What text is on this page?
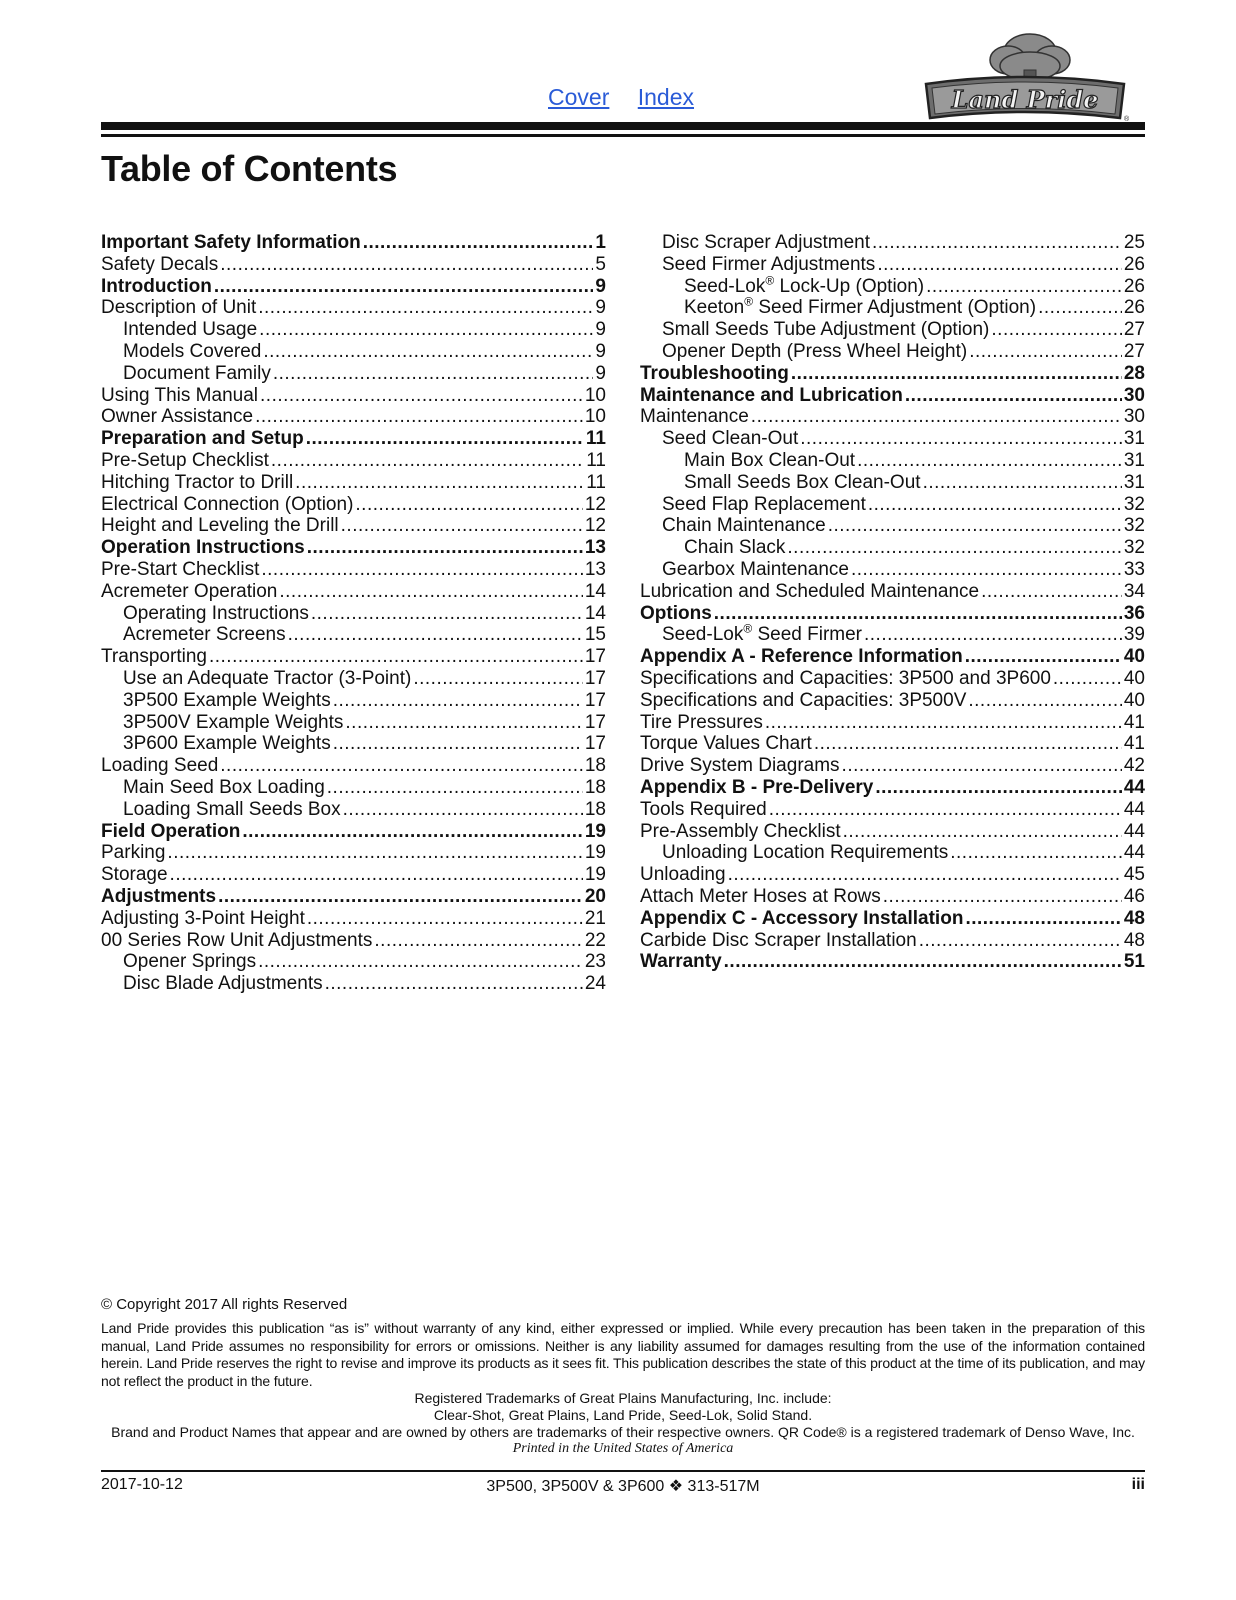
Cover Index	Land Pride
®
Table of Contents
Important Safety Information .....	1
Safety Decals .....	5
Introduction .....	9
Description of Unit .....	9
Intended Usage .....	9
Models Covered .....	9
Document Family .....	9
Using This Manual .....	10
Owner Assistance .....	10
Preparation and Setup .....	11
Pre-Setup Checklist .....	11
Hitching Tractor to Drill .....	11
Electrical Connection (Option) .....	12
Height and Leveling the Drill .....	12
Operation Instructions .....	13
Pre-Start Checklist .....	13
Acremeter Operation .....	14
Operating Instructions .....	14
Acremeter Screens .....	15
Transporting .....	17
Use an Adequate Tractor (3-Point) .....	17
3P500 Example Weights .....	17
3P500V Example Weights .....	17
3P600 Example Weights .....	17
Loading Seed .....	18
Main Seed Box Loading .....	18
Loading Small Seeds Box .....	18
Field Operation .....	19
Parking .....	19
Storage .....	19
Adjustments .....	20
Adjusting 3-Point Height .....	21
00 Series Row Unit Adjustments .....	22
Opener Springs .....	23
Disc Blade Adjustments .....	24
Disc Scraper Adjustment .....	25
Seed Firmer Adjustments .....	26
Seed-Lok® Lock-Up (Option) .....	26
Keeton® Seed Firmer Adjustment (Option) .....	26
Small Seeds Tube Adjustment (Option) .....	27
Opener Depth (Press Wheel Height) .....	27
Troubleshooting .....	28
Maintenance and Lubrication .....	30
Maintenance .....	30
Seed Clean-Out .....	31
Main Box Clean-Out .....	31
Small Seeds Box Clean-Out .....	31
Seed Flap Replacement .....	32
Chain Maintenance .....	32
Chain Slack .....	32
Gearbox Maintenance .....	33
Lubrication and Scheduled Maintenance .....	34
Options .....	36
Seed-Lok® Seed Firmer .....	39
Appendix A - Reference Information .....	40
Specifications and Capacities: 3P500 and 3P600 .....	40
Specifications and Capacities: 3P500V .....	40
Tire Pressures .....	41
Torque Values Chart .....	41
Drive System Diagrams .....	42
Appendix B - Pre-Delivery .....	44
Tools Required .....	44
Pre-Assembly Checklist .....	44
Unloading Location Requirements .....	44
Unloading .....	45
Attach Meter Hoses at Rows .....	46
Appendix C - Accessory Installation .....	48
Carbide Disc Scraper Installation .....	48
Warranty .....	51
© Copyright 2017 All rights Reserved
Land Pride provides this publication “as is” without warranty of any kind, either expressed or implied. While every precaution has been taken in the preparation of this manual, Land Pride assumes no responsibility for errors or omissions. Neither is any liability assumed for damages resulting from the use of the information contained herein. Land Pride reserves the right to revise and improve its products as it sees fit. This publication describes the state of this product at the time of its publication, and may not reflect the product in the future.
Registered Trademarks of Great Plains Manufacturing, Inc. include:
Clear-Shot, Great Plains, Land Pride, Seed-Lok, Solid Stand.
Brand and Product Names that appear and are owned by others are trademarks of their respective owners. QR Code® is a registered trademark of Denso Wave, Inc.
Printed in the United States of America
2017-10-12	3P500, 3P500V & 3P600 ❖ 313-517M	iii
